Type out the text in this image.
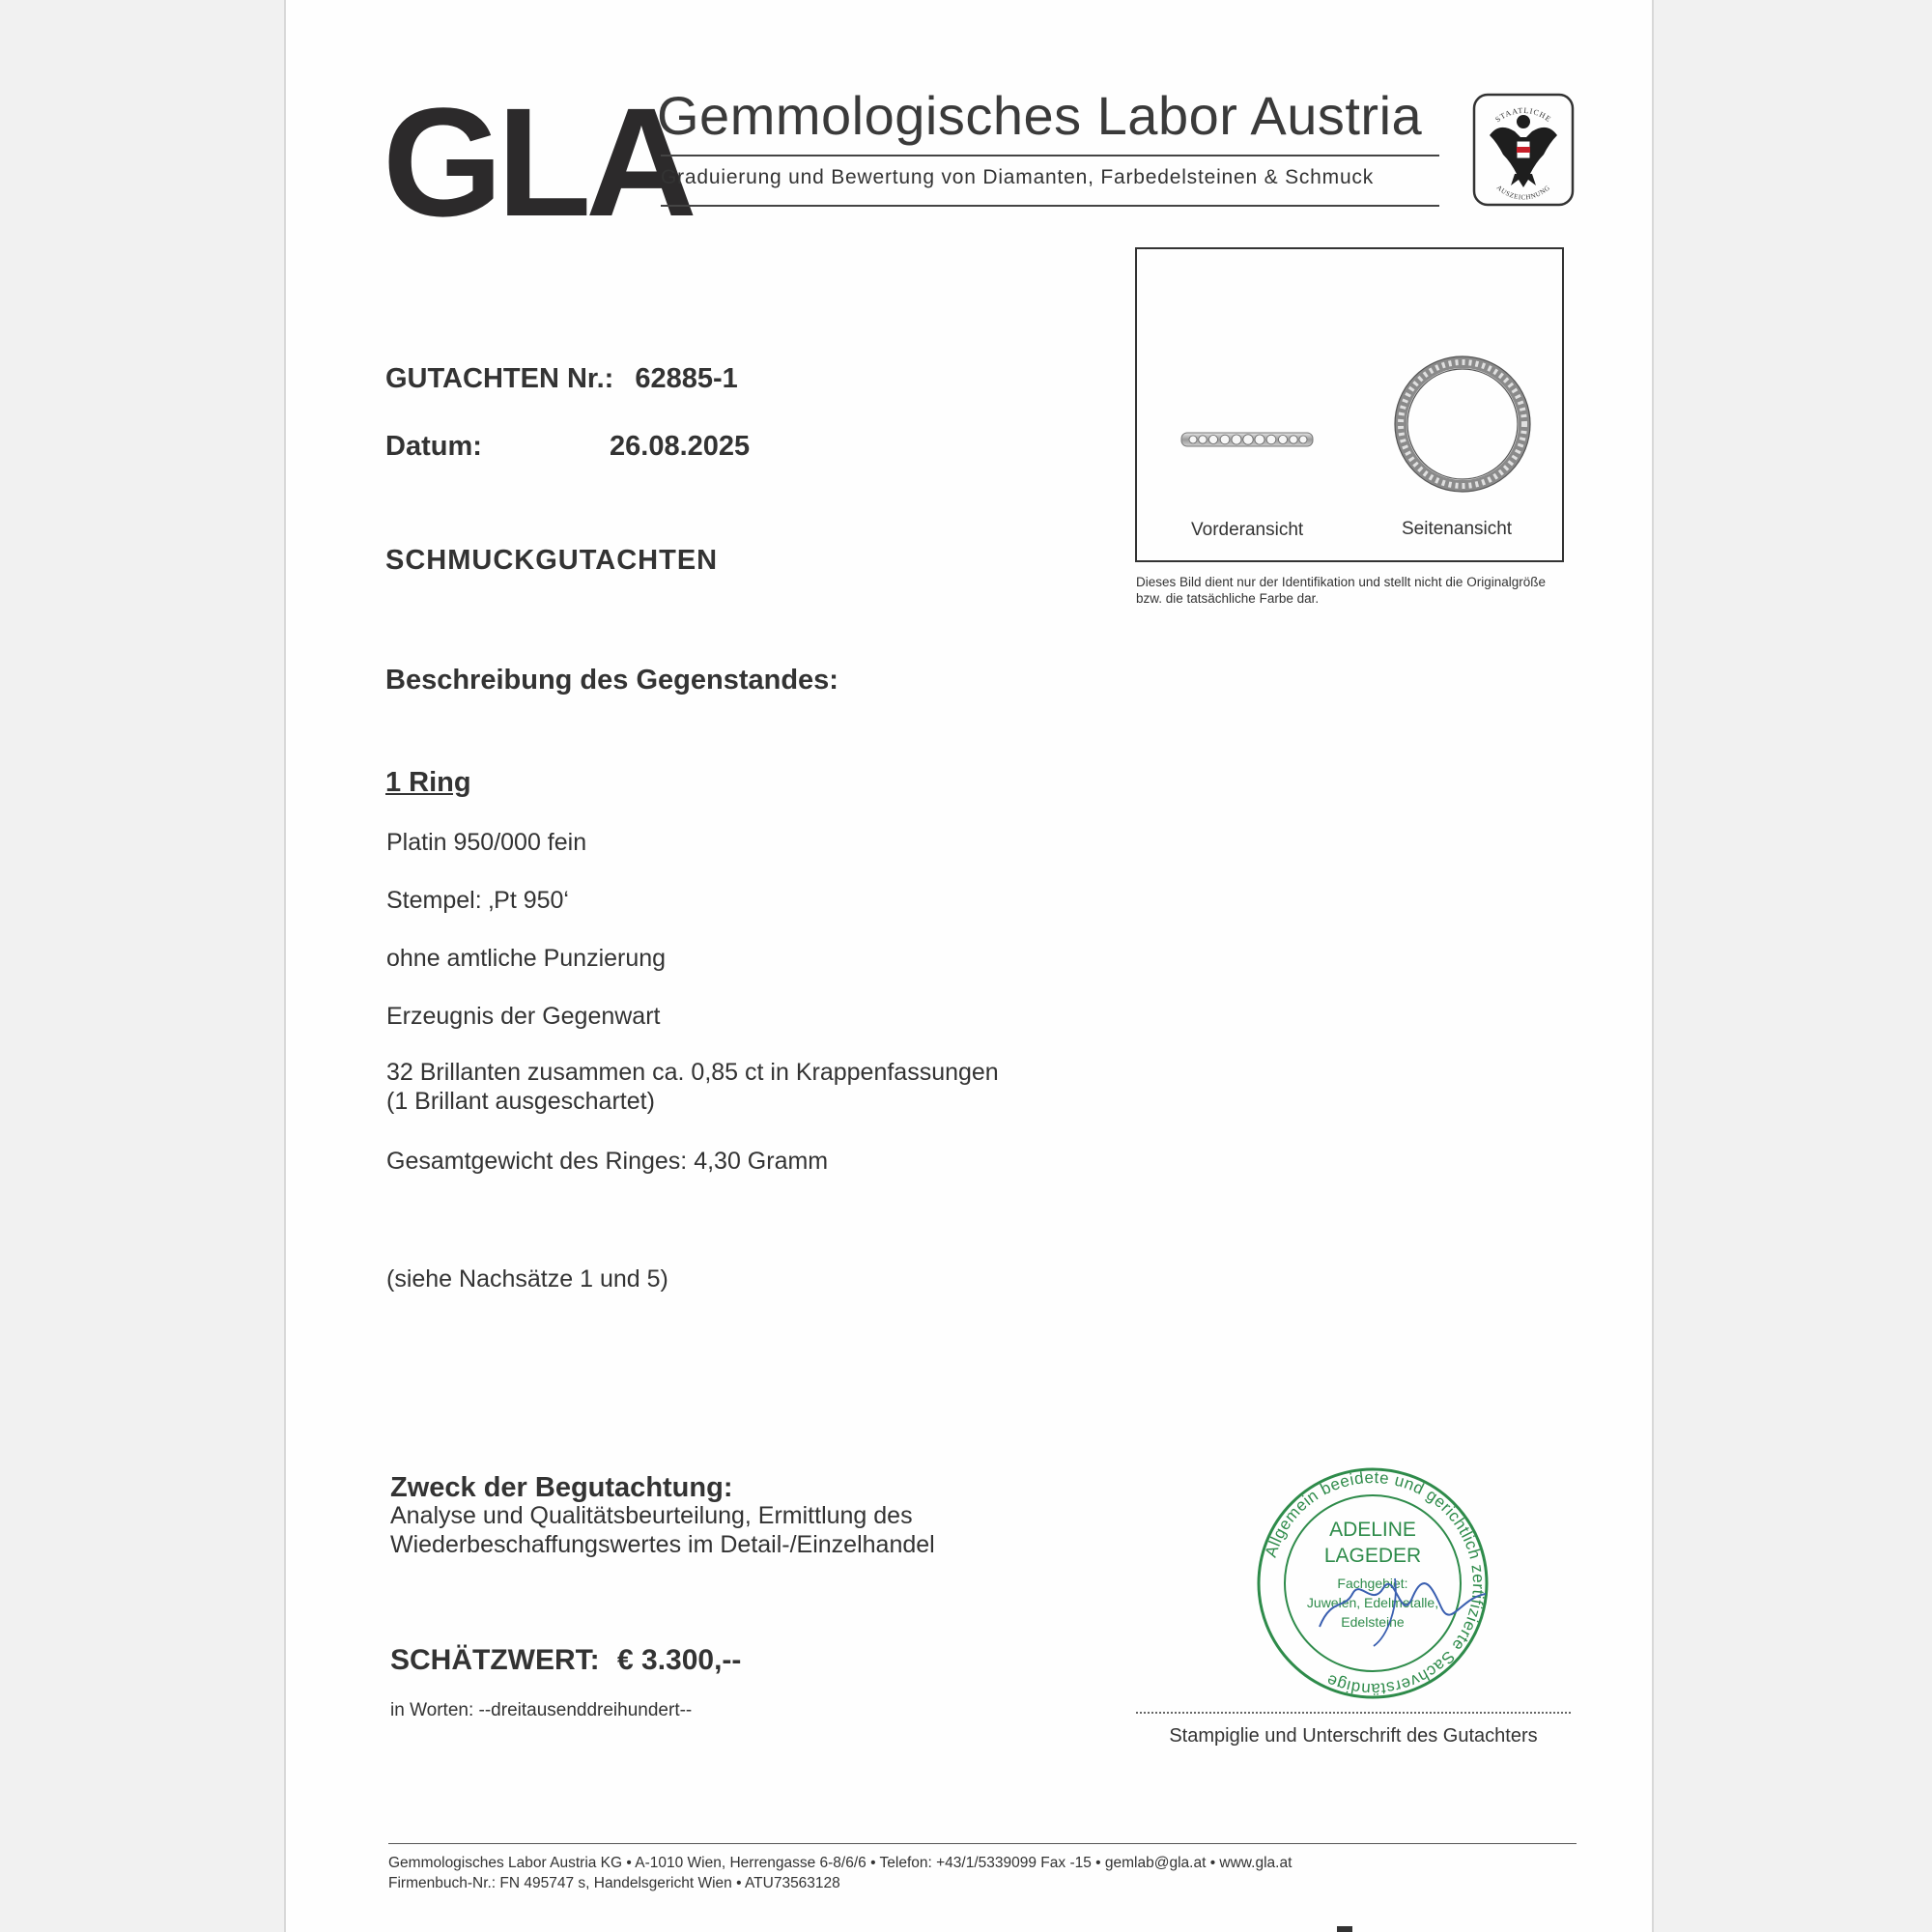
GLA
Gemmologisches Labor Austria
Graduierung und Bewertung von Diamanten, Farbedelsteinen & Schmuck
STAATLICHE
AUSZEICHNUNG
GUTACHTEN Nr.: 62885-1
Datum:	26.08.2025
SCHMUCKGUTACHTEN
Beschreibung des Gegenstandes:
Vorderansicht	Seitenansicht
Dieses Bild dient nur der Identifikation und stellt nicht die Originalgröße bzw. die tatsächliche Farbe dar.
1 Ring
Platin 950/000 fein
Stempel: ‚Pt 950‘
ohne amtliche Punzierung
Erzeugnis der Gegenwart
32 Brillanten zusammen ca. 0,85 ct in Krappenfassungen
(1 Brillant ausgeschartet)
Gesamtgewicht des Ringes: 4,30 Gramm
(siehe Nachsätze 1 und 5)
Zweck der Begutachtung:
Analyse und Qualitätsbeurteilung, Ermittlung des
Wiederbeschaffungswertes im Detail-/Einzelhandel
SCHÄTZWERT: € 3.300,--
in Worten: --dreitausenddreihundert--
Allgemein beeidete und gerichtlich zertifizierte Sachverständige
ADELINE
LAGEDER
Fachgebiet:
Juwelen, Edelmetalle,
Edelsteine
Stampiglie und Unterschrift des Gutachters
Gemmologisches Labor Austria KG • A-1010 Wien, Herrengasse 6-8/6/6 • Telefon: +43/1/5339099 Fax -15 • gemlab@gla.at • www.gla.at
Firmenbuch-Nr.: FN 495747 s, Handelsgericht Wien • ATU73563128
